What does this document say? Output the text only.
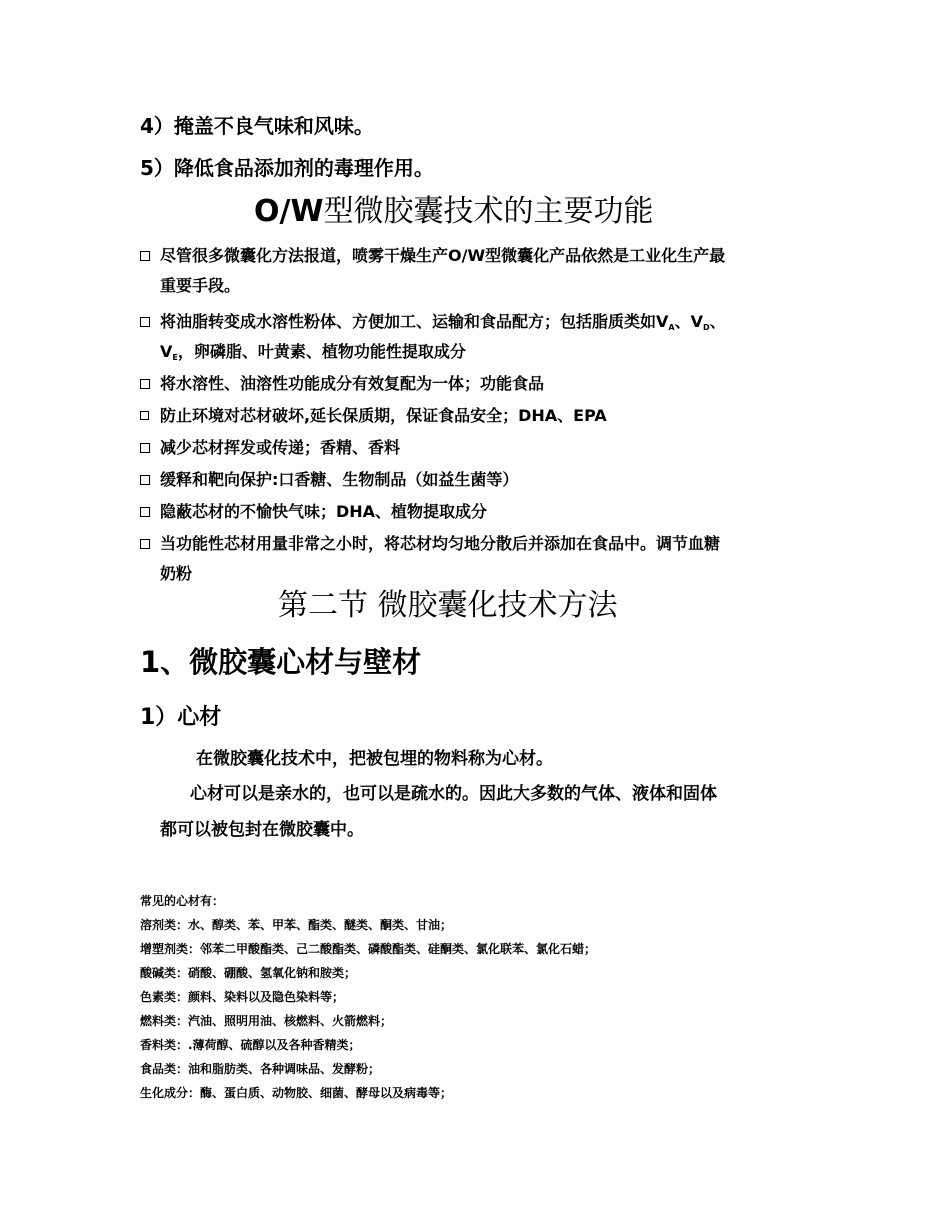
4）掩盖不良气味和风味。
5）降低食品添加剂的毒理作用。
O/W型微胶囊技术的主要功能
尽管很多微囊化方法报道，喷雾干燥生产O/W型微囊化产品依然是工业化生产最
重要手段。
将油脂转变成水溶性粉体、方便加工、运输和食品配方；包括脂质类如$V_A$、$V_D$、
$V_E$，卵磷脂、叶黄素、植物功能性提取成分
将水溶性、油溶性功能成分有效复配为一体；功能食品
防止环境对芯材破坏,延长保质期，保证食品安全；DHA、EPA
减少芯材挥发或传递；香精、香料
缓释和靶向保护:口香糖、生物制品（如益生菌等）
隐蔽芯材的不愉快气味；DHA、植物提取成分
当功能性芯材用量非常之小时，将芯材均匀地分散后并添加在食品中。调节血糖
奶粉
第二节 微胶囊化技术方法
1、微胶囊心材与壁材
1）心材
在微胶囊化技术中，把被包埋的物料称为心材。
心材可以是亲水的，也可以是疏水的。因此大多数的气体、液体和固体
都可以被包封在微胶囊中。
常见的心材有：
溶剂类：水、醇类、苯、甲苯、酯类、醚类、酮类、甘油；
增塑剂类：邻苯二甲酸酯类、己二酸酯类、磷酸酯类、硅酮类、氯化联苯、氯化石蜡；
酸碱类：硝酸、硼酸、氢氧化钠和胺类；
色素类：颜料、染料以及隐色染料等；
燃料类：汽油、照明用油、核燃料、火箭燃料；
香料类：.薄荷醇、硫醇以及各种香精类；
食品类：油和脂肪类、各种调味品、发酵粉；
生化成分：酶、蛋白质、动物胶、细菌、酵母以及病毒等；
